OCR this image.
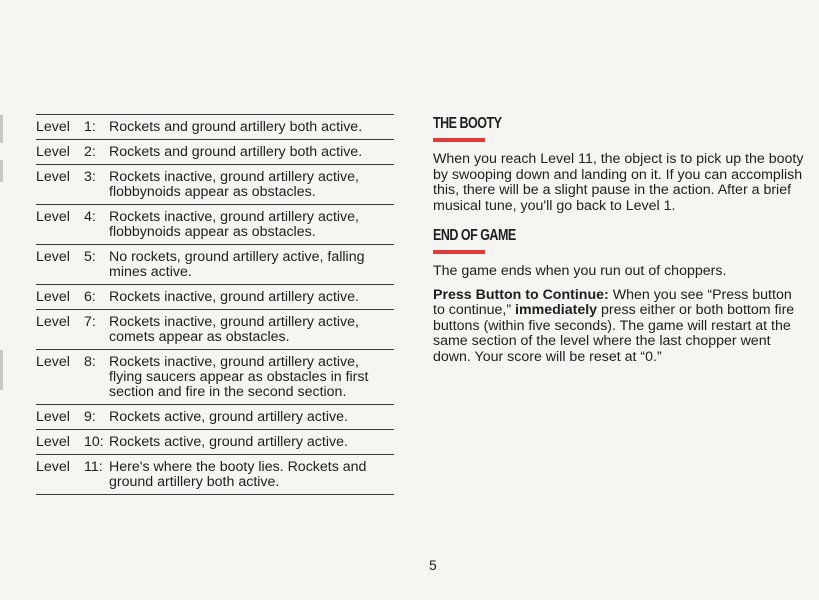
Level 1: Rockets and ground artillery both active.
Level 2: Rockets and ground artillery both active.
Level 3: Rockets inactive, ground artillery active, flobbynoids appear as obstacles.
Level 4: Rockets inactive, ground artillery active, flobbynoids appear as obstacles.
Level 5: No rockets, ground artillery active, falling mines active.
Level 6: Rockets inactive, ground artillery active.
Level 7: Rockets inactive, ground artillery active, comets appear as obstacles.
Level 8: Rockets inactive, ground artillery active, flying saucers appear as obstacles in first section and fire in the second section.
Level 9: Rockets active, ground artillery active.
Level 10: Rockets active, ground artillery active.
Level 11: Here's where the booty lies. Rockets and ground artillery both active.
THE BOOTY

When you reach Level 11, the object is to pick up the booty by swooping down and landing on it. If you can accomplish this, there will be a slight pause in the action. After a brief musical tune, you'll go back to Level 1.

END OF GAME

The game ends when you run out of choppers.

Press Button to Continue: When you see “Press button to continue,” immediately press either or both bottom fire buttons (within five seconds). The game will restart at the same section of the level where the last chopper went down. Your score will be reset at “0.”

5
